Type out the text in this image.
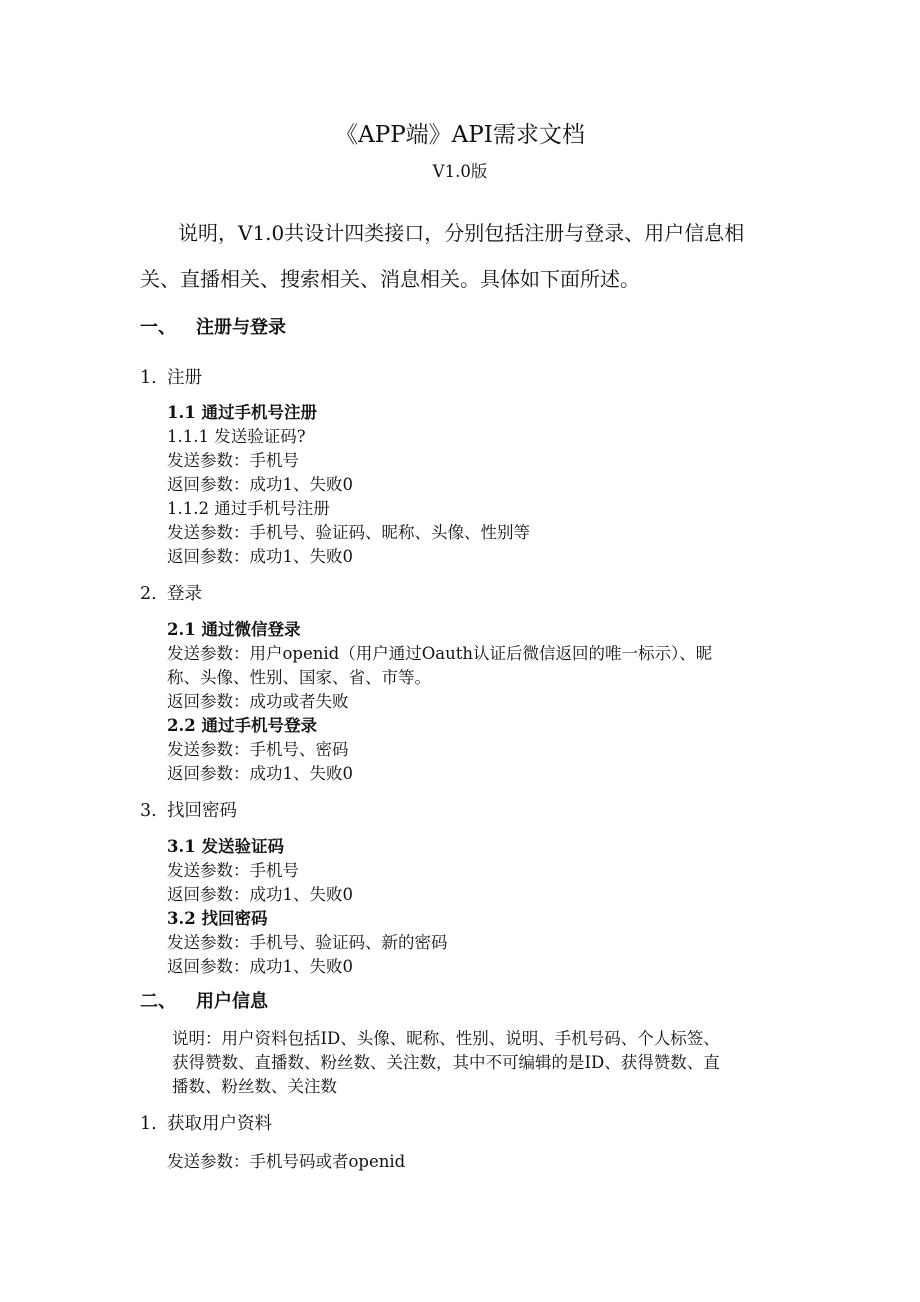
《APP端》API需求文档
V1.0版
说明，V1.0共设计四类接口，分别包括注册与登录、用户信息相
关、直播相关、搜索相关、消息相关。具体如下面所述。
一、 注册与登录
1. 注册
1.1 通过手机号注册
1.1.1 发送验证码?
发送参数：手机号
返回参数：成功1、失败0
1.1.2 通过手机号注册
发送参数：手机号、验证码、昵称、头像、性别等
返回参数：成功1、失败0
2. 登录
2.1 通过微信登录
发送参数：用户openid（用户通过Oauth认证后微信返回的唯一标示）、昵
称、头像、性别、国家、省、市等。
返回参数：成功或者失败
2.2 通过手机号登录
发送参数：手机号、密码
返回参数：成功1、失败0
3. 找回密码
3.1 发送验证码
发送参数：手机号
返回参数：成功1、失败0
3.2 找回密码
发送参数：手机号、验证码、新的密码
返回参数：成功1、失败0
二、 用户信息
说明：用户资料包括ID、头像、昵称、性别、说明、手机号码、个人标签、
获得赞数、直播数、粉丝数、关注数，其中不可编辑的是ID、获得赞数、直
播数、粉丝数、关注数
1. 获取用户资料
发送参数：手机号码或者openid
